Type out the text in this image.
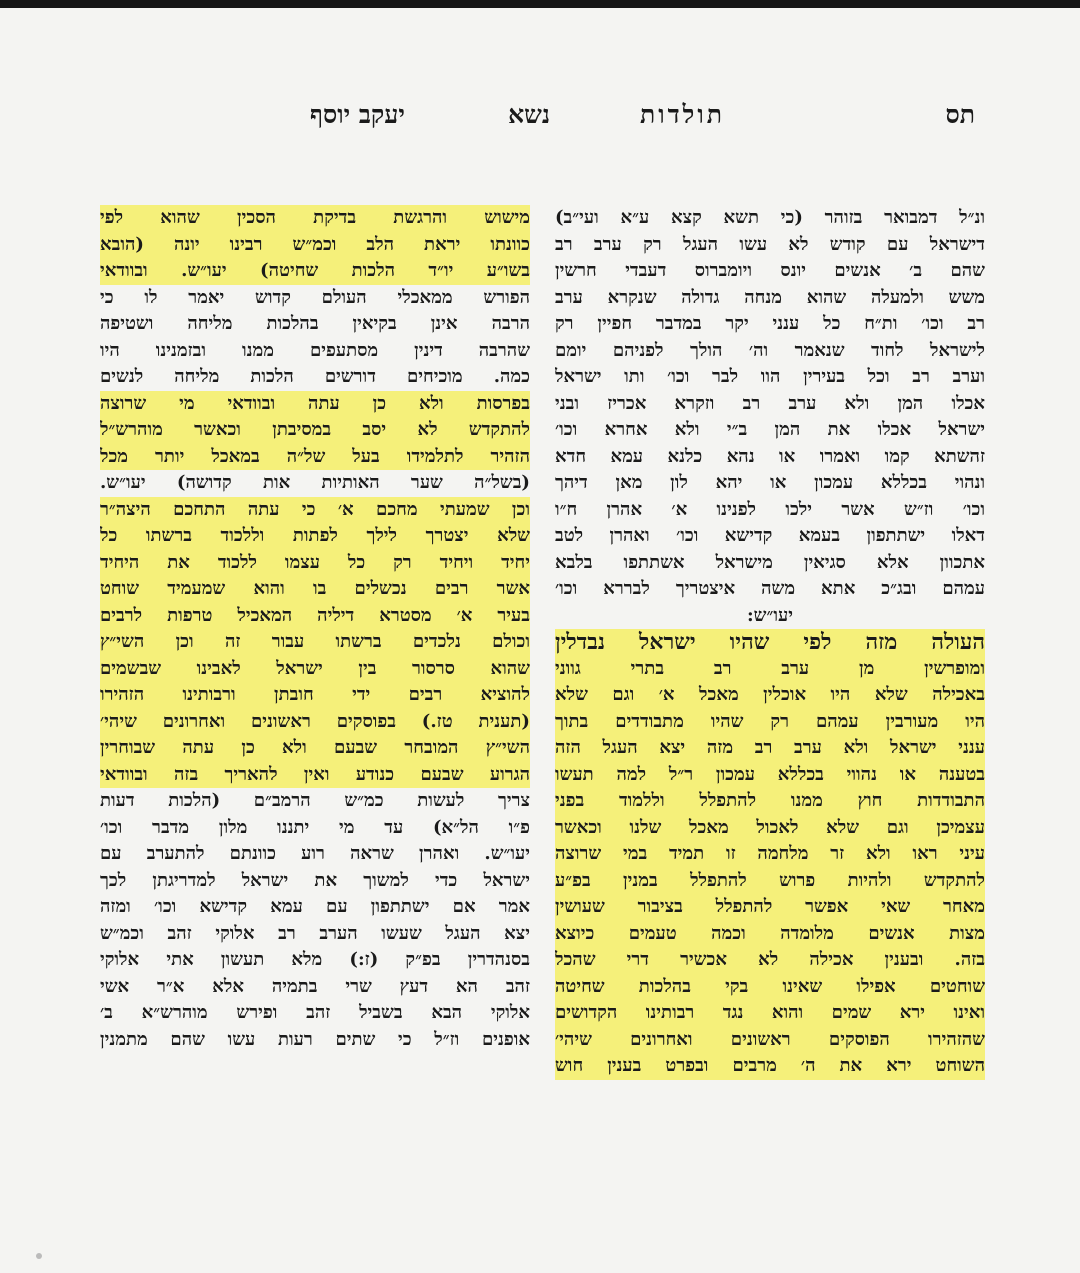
תס
תולדות
נשא
יעקב יוסף
ונ״ל דמבואר בזוהר (כי תשא קצא ע״א ועי״ב)
דישראל עם קודש לא עשו העגל רק ערב רב
שהם ב׳ אנשים יונס ויומברוס דעבדי חרשין
משש ולמעלה שהוא מנחה גדולה שנקרא ערב
רב וכו׳ ות״ח כל ענני יקר במדבר חפיין רק
לישראל לחוד שנאמר וה׳ הולך לפניהם יומם
וערב רב וכל בעירין הוו לבר וכו׳ ותו ישראל
אכלו המן ולא ערב רב וזקרא אכריז ובני
ישראל אכלו את המן ב״י ולא אחרא וכו׳
זהשתא קמו ואמרו או נהא כלנא עמא חדא
ונהוי בכללא עמכון או יהא לון מאן דיהך
וכו׳ וז״ש אשר ילכו לפנינו א׳ אהרן ח״ו
דאלו ישתתפון בעמא קדישא וכו׳ ואהרן לטב
אתכוון אלא סגיאין מישראל אשתתפו בלבא
עמהם ובג״כ אתא משה איצטריך לבררא וכו׳
יעו״ש:
העולה מזה לפי שהיו ישראל נבדלין
ומופרשין מן ערב רב בתרי גווני
באכילה שלא היו אוכלין מאכל א׳ וגם שלא
היו מעורבין עמהם רק שהיו מתבודדים בתוך
ענני ישראל ולא ערב רב מזה יצא העגל הזה
בטענה או נהווי בכללא עמכון ר״ל למה תעשו
התבודדות חוץ ממנו להתפלל וללמוד בפני
עצמיכן וגם שלא לאכול מאכל שלנו וכאשר
עיני ראו ולא זר מלחמה זו תמיד במי שרוצה
להתקדש ולהיות פרוש להתפלל במנין בפ״ע
מאחר שאי אפשר להתפלל בציבור שעושין
מצות אנשים מלומדה וכמה טעמים כיוצא
בזה. ובענין אכילה לא אכשיר דרי שהכל
שוחטים אפילו שאינו בקי בהלכות שחיטה
ואינו ירא שמים והוא נגד רבותינו הקדושים
שהזהירו הפוסקים ראשונים ואחרונים שיהי׳
השוחט ירא את ה׳ מרבים ובפרט בענין חוש
מישוש והרגשת בדיקת הסכין שהוא לפי
כוונתו יראת הלב וכמ״ש רבינו יונה (הובא
בשו״ע יו״ד הלכות שחיטה) יעו״ש. ובוודאי
הפורש ממאכלי העולם קדוש יאמר לו כי
הרבה אינן בקיאין בהלכות מליחה ושטיפה
שהרבה דינין מסתעפים ממנו ובזמנינו היו
כמה. מוכיחים דורשים הלכות מליחה לנשים
בפרסות ולא כן עתה ובוודאי מי שרוצה
להתקדש לא יסב במסיבתן וכאשר מוהרש״ל
הזהיר לתלמידו בעל של״ה במאכל יותר מכל
(בשל״ה שער האותיות אות קדושה) יעו״ש.
וכן שמעתי מחכם א׳ כי עתה התחכם היצה״ר
שלא יצטרך לילך לפתות וללכוד ברשתו כל
יחיד ויחיד רק כל עצמו ללכוד את היחיד
אשר רבים נכשלים בו והוא שמעמיד שוחט
בעיר א׳ מסטרא דיליה המאכיל טרפות לרבים
וכולם נלכדים ברשתו עבור זה וכן השי״ץ
שהוא סרסור בין ישראל לאבינו שבשמים
להוציא רבים ידי חובתן ורבותינו הזהירו
(תענית טז.) בפוסקים ראשונים ואחרונים שיהי׳
השי״ץ המובחר שבעם ולא כן עתה שבוחרין
הגרוע שבעם כנודע ואין להאריך בזה ובוודאי
צריך לעשות כמ״ש הרמב״ם (הלכות דעות
פ״ו הל״א) עד מי יתננו מלון מדבר וכו׳
יעו״ש. ואהרן שראה רוע כוונתם להתערב עם
ישראל כדי למשוך את ישראל למדריגתן לכך
אמר אם ישתתפון עם עמא קדישא וכו׳ ומזה
יצא העגל שעשו הערב רב אלוקי זהב וכמ״ש
בסנהדרין בפ״ק (ז:) מלא תעשון אתי אלוקי
זהב הא דעץ שרי בתמיה אלא א״ר אשי
אלוקי הבא בשביל זהב ופירש מוהרש״א ב׳
אופנים וז״ל כי שתים רעות עשו שהם מתמנין
